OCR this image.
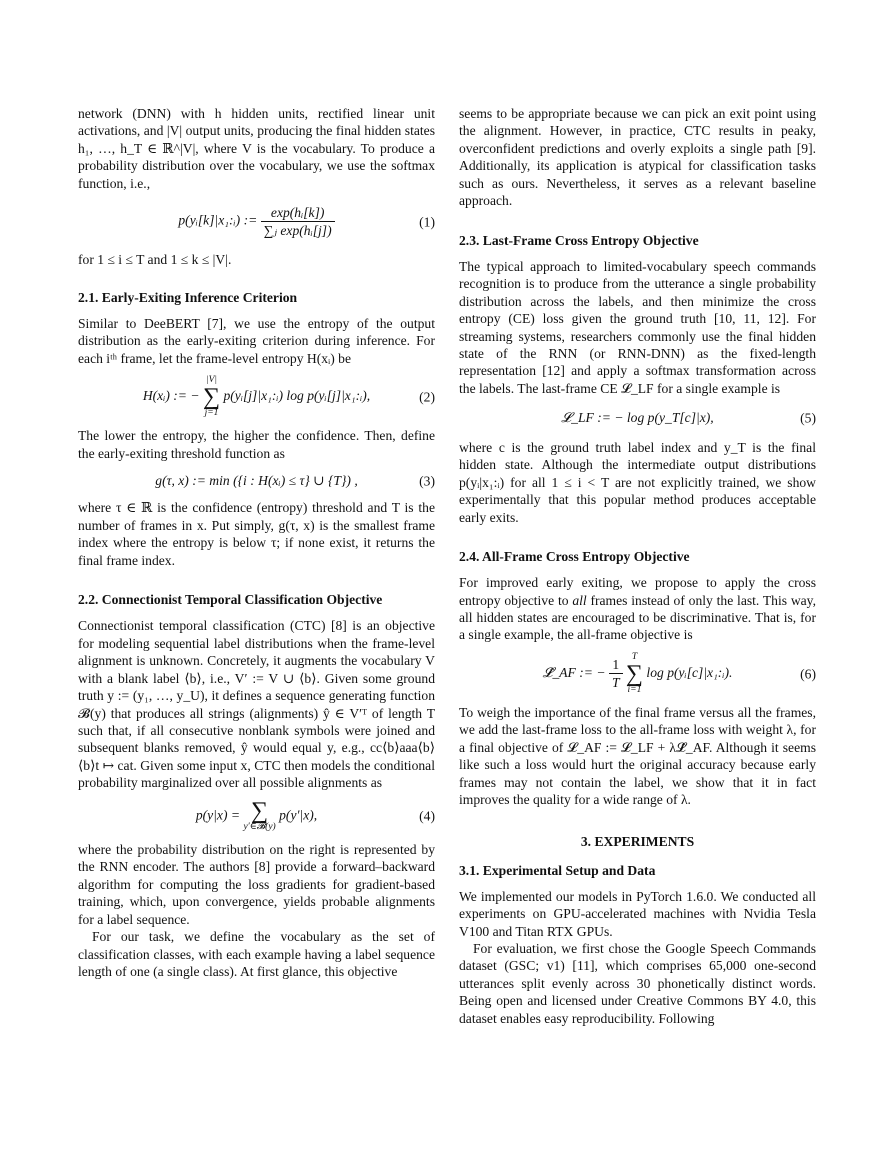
network (DNN) with h hidden units, rectified linear unit activations, and |V| output units, producing the final hidden states h₁, …, h_T ∈ ℝ^|V|, where V is the vocabulary. To produce a probability distribution over the vocabulary, we use the softmax function, i.e.,

p(yᵢ[k]|x₁:ᵢ) := $\frac{\text{exp(hᵢ[k])}}{\text{∑ⱼ exp(hᵢ[j])}}$	(1)

for 1 ≤ i ≤ T and 1 ≤ k ≤ |V|.

2.1. Early-Exiting Inference Criterion

Similar to DeeBERT [7], we use the entropy of the output distribution as the early-exiting criterion during inference. For each iᵗʰ frame, let the frame-level entropy H(xᵢ) be

H(xᵢ) := −
|V|
∑
j=1
p(yᵢ[j]|x₁:ᵢ) log p(yᵢ[j]|x₁:ᵢ),	(2)

The lower the entropy, the higher the confidence. Then, define the early-exiting threshold function as

g(τ, x) := min ({i : H(xᵢ) ≤ τ} ∪ {T}) ,	(3)

where τ ∈ ℝ is the confidence (entropy) threshold and T is the number of frames in x. Put simply, g(τ, x) is the smallest frame index where the entropy is below τ; if none exist, it returns the final frame index.

2.2. Connectionist Temporal Classification Objective

Connectionist temporal classification (CTC) [8] is an objective for modeling sequential label distributions when the frame-level alignment is unknown. Concretely, it augments the vocabulary V with a blank label ⟨b⟩, i.e., V′ := V ∪ ⟨b⟩. Given some ground truth y := (y₁, …, y_U), it defines a sequence generating function 𝓑(y) that produces all strings (alignments) ŷ ∈ V′ᵀ of length T such that, if all consecutive nonblank symbols were joined and subsequent blanks removed, ŷ would equal y, e.g., cc⟨b⟩aaa⟨b⟩⟨b⟩t ↦ cat. Given some input x, CTC then models the conditional probability marginalized over all possible alignments as

p(y|x) = ∑
y′∈𝓑(y)
p(y′|x),	(4)

where the probability distribution on the right is represented by the RNN encoder. The authors [8] provide a forward–backward algorithm for computing the loss gradients for gradient-based training, which, upon convergence, yields probable alignments for a label sequence.

For our task, we define the vocabulary as the set of classification classes, with each example having a label sequence length of one (a single class). At first glance, this objective

seems to be appropriate because we can pick an exit point using the alignment. However, in practice, CTC results in peaky, overconfident predictions and overly exploits a single path [9]. Additionally, its application is atypical for classification tasks such as ours. Nevertheless, it serves as a relevant baseline approach.

2.3. Last-Frame Cross Entropy Objective

The typical approach to limited-vocabulary speech commands recognition is to produce from the utterance a single probability distribution across the labels, and then minimize the cross entropy (CE) loss given the ground truth [10, 11, 12]. For streaming systems, researchers commonly use the final hidden state of the RNN (or RNN-DNN) as the fixed-length representation [12] and apply a softmax transformation across the labels. The last-frame CE 𝓛_LF for a single example is

𝓛_LF := − log p(y_T[c]|x),	(5)

where c is the ground truth label index and y_T is the final hidden state. Although the intermediate output distributions p(yᵢ|x₁:ᵢ) for all 1 ≤ i < T are not explicitly trained, we show experimentally that this popular method produces acceptable early exits.

2.4. All-Frame Cross Entropy Objective

For improved early exiting, we propose to apply the cross entropy objective to all frames instead of only the last. This way, all hidden states are encouraged to be discriminative. That is, for a single example, the all-frame objective is

𝓛̂_AF := − $\frac{1}{T}$
T
∑
i=1
log p(yᵢ[c]|x₁:ᵢ).	(6)

To weigh the importance of the final frame versus all the frames, we add the last-frame loss to the all-frame loss with weight λ, for a final objective of 𝓛_AF := 𝓛_LF + λ𝓛̂_AF. Although it seems like such a loss would hurt the original accuracy because early frames may not contain the label, we show that it in fact improves the quality for a wide range of λ.

3. EXPERIMENTS
3.1. Experimental Setup and Data

We implemented our models in PyTorch 1.6.0. We conducted all experiments on GPU-accelerated machines with Nvidia Tesla V100 and Titan RTX GPUs.

For evaluation, we first chose the Google Speech Commands dataset (GSC; v1) [11], which comprises 65,000 one-second utterances split evenly across 30 phonetically distinct words. Being open and licensed under Creative Commons BY 4.0, this dataset enables easy reproducibility. Following
